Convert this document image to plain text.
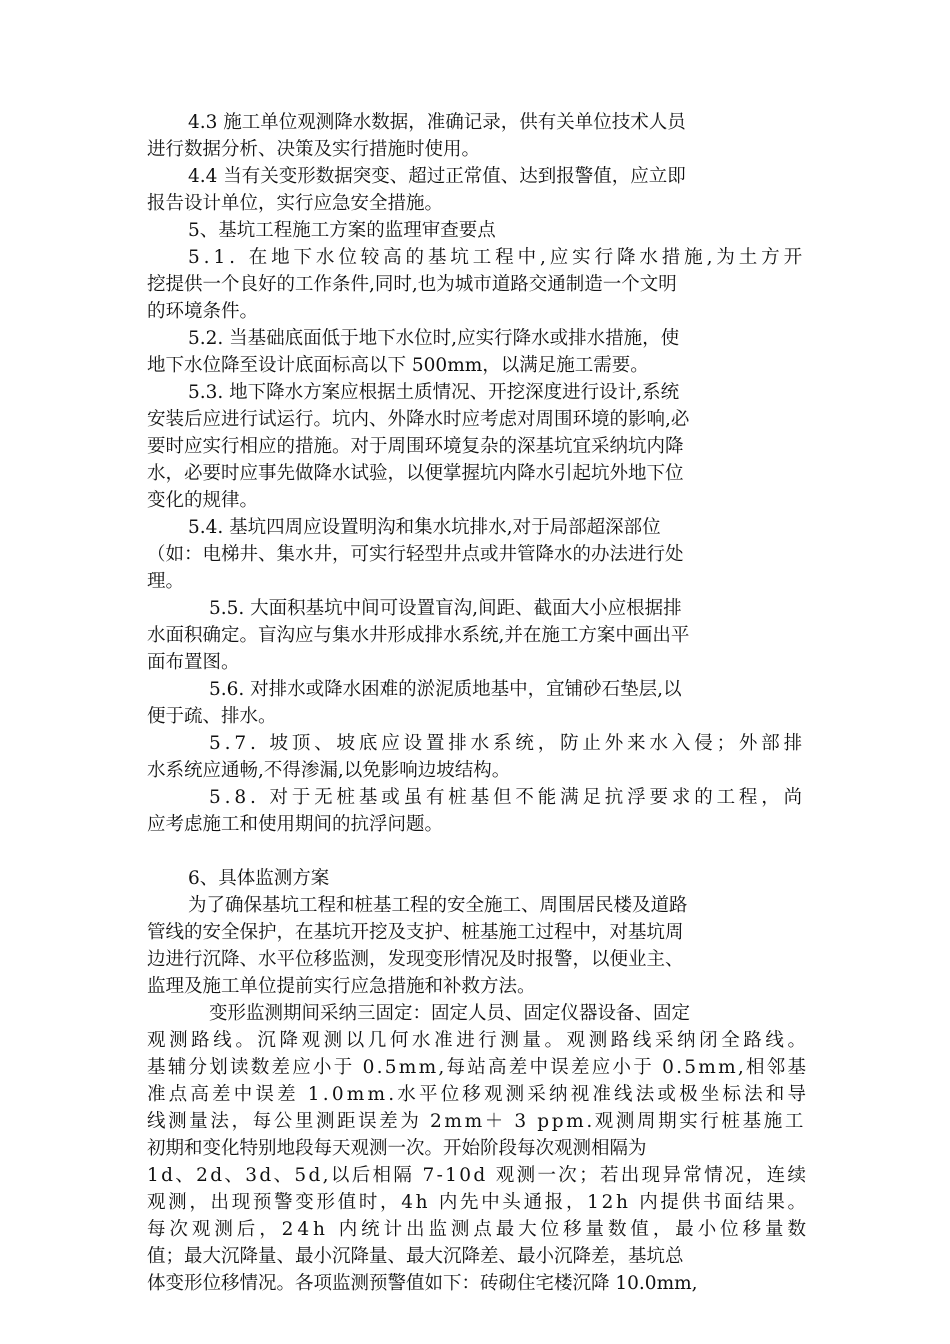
4.3 施工单位观测降水数据，准确记录，供有关单位技术人员
进行数据分析、决策及实行措施时使用。
4.4 当有关变形数据突变、超过正常值、达到报警值，应立即
报告设计单位，实行应急安全措施。
5、基坑工程施工方案的监理审查要点
5.1. 在地下水位较高的基坑工程中,应实行降水措施,为土方开
挖提供一个良好的工作条件,同时,也为城市道路交通制造一个文明
的环境条件。
5.2. 当基础底面低于地下水位时,应实行降水或排水措施，使
地下水位降至设计底面标高以下 500mm，以满足施工需要。
5.3. 地下降水方案应根据土质情况、开挖深度进行设计,系统
安装后应进行试运行。坑内、外降水时应考虑对周围环境的影响,必
要时应实行相应的措施。对于周围环境复杂的深基坑宜采纳坑内降
水，必要时应事先做降水试验，以便掌握坑内降水引起坑外地下位
变化的规律。
5.4. 基坑四周应设置明沟和集水坑排水,对于局部超深部位
（如：电梯井、集水井，可实行轻型井点或井管降水的办法进行处
理。
5.5. 大面积基坑中间可设置盲沟,间距、截面大小应根据排
水面积确定。盲沟应与集水井形成排水系统,并在施工方案中画出平
面布置图。
5.6. 对排水或降水困难的淤泥质地基中，宜铺砂石垫层,以
便于疏、排水。
5.7. 坡顶、坡底应设置排水系统，防止外来水入侵；外部排
水系统应通畅,不得渗漏,以免影响边坡结构。
5.8. 对于无桩基或虽有桩基但不能满足抗浮要求的工程，尚
应考虑施工和使用期间的抗浮问题。
6、具体监测方案
为了确保基坑工程和桩基工程的安全施工、周围居民楼及道路
管线的安全保护，在基坑开挖及支护、桩基施工过程中，对基坑周
边进行沉降、水平位移监测，发现变形情况及时报警，以便业主、
监理及施工单位提前实行应急措施和补救方法。
变形监测期间采纳三固定：固定人员、固定仪器设备、固定
观测路线。沉降观测以几何水准进行测量。观测路线采纳闭全路线。
基辅分划读数差应小于 0.5mm,每站高差中误差应小于 0.5mm,相邻基
准点高差中误差 1.0mm.水平位移观测采纳视准线法或极坐标法和导
线测量法，每公里测距误差为 2mm＋ 3 ppm.观测周期实行桩基施工
初期和变化特别地段每天观测一次。开始阶段每次观测相隔为
1d、2d、3d、5d,以后相隔 7-10d 观测一次；若出现异常情况，连续
观测，出现预警变形值时，4h 内先中头通报，12h 内提供书面结果。
每次观测后，24h 内统计出监测点最大位移量数值，最小位移量数
值；最大沉降量、最小沉降量、最大沉降差、最小沉降差，基坑总
体变形位移情况。各项监测预警值如下：砖砌住宅楼沉降 10.0mm,
